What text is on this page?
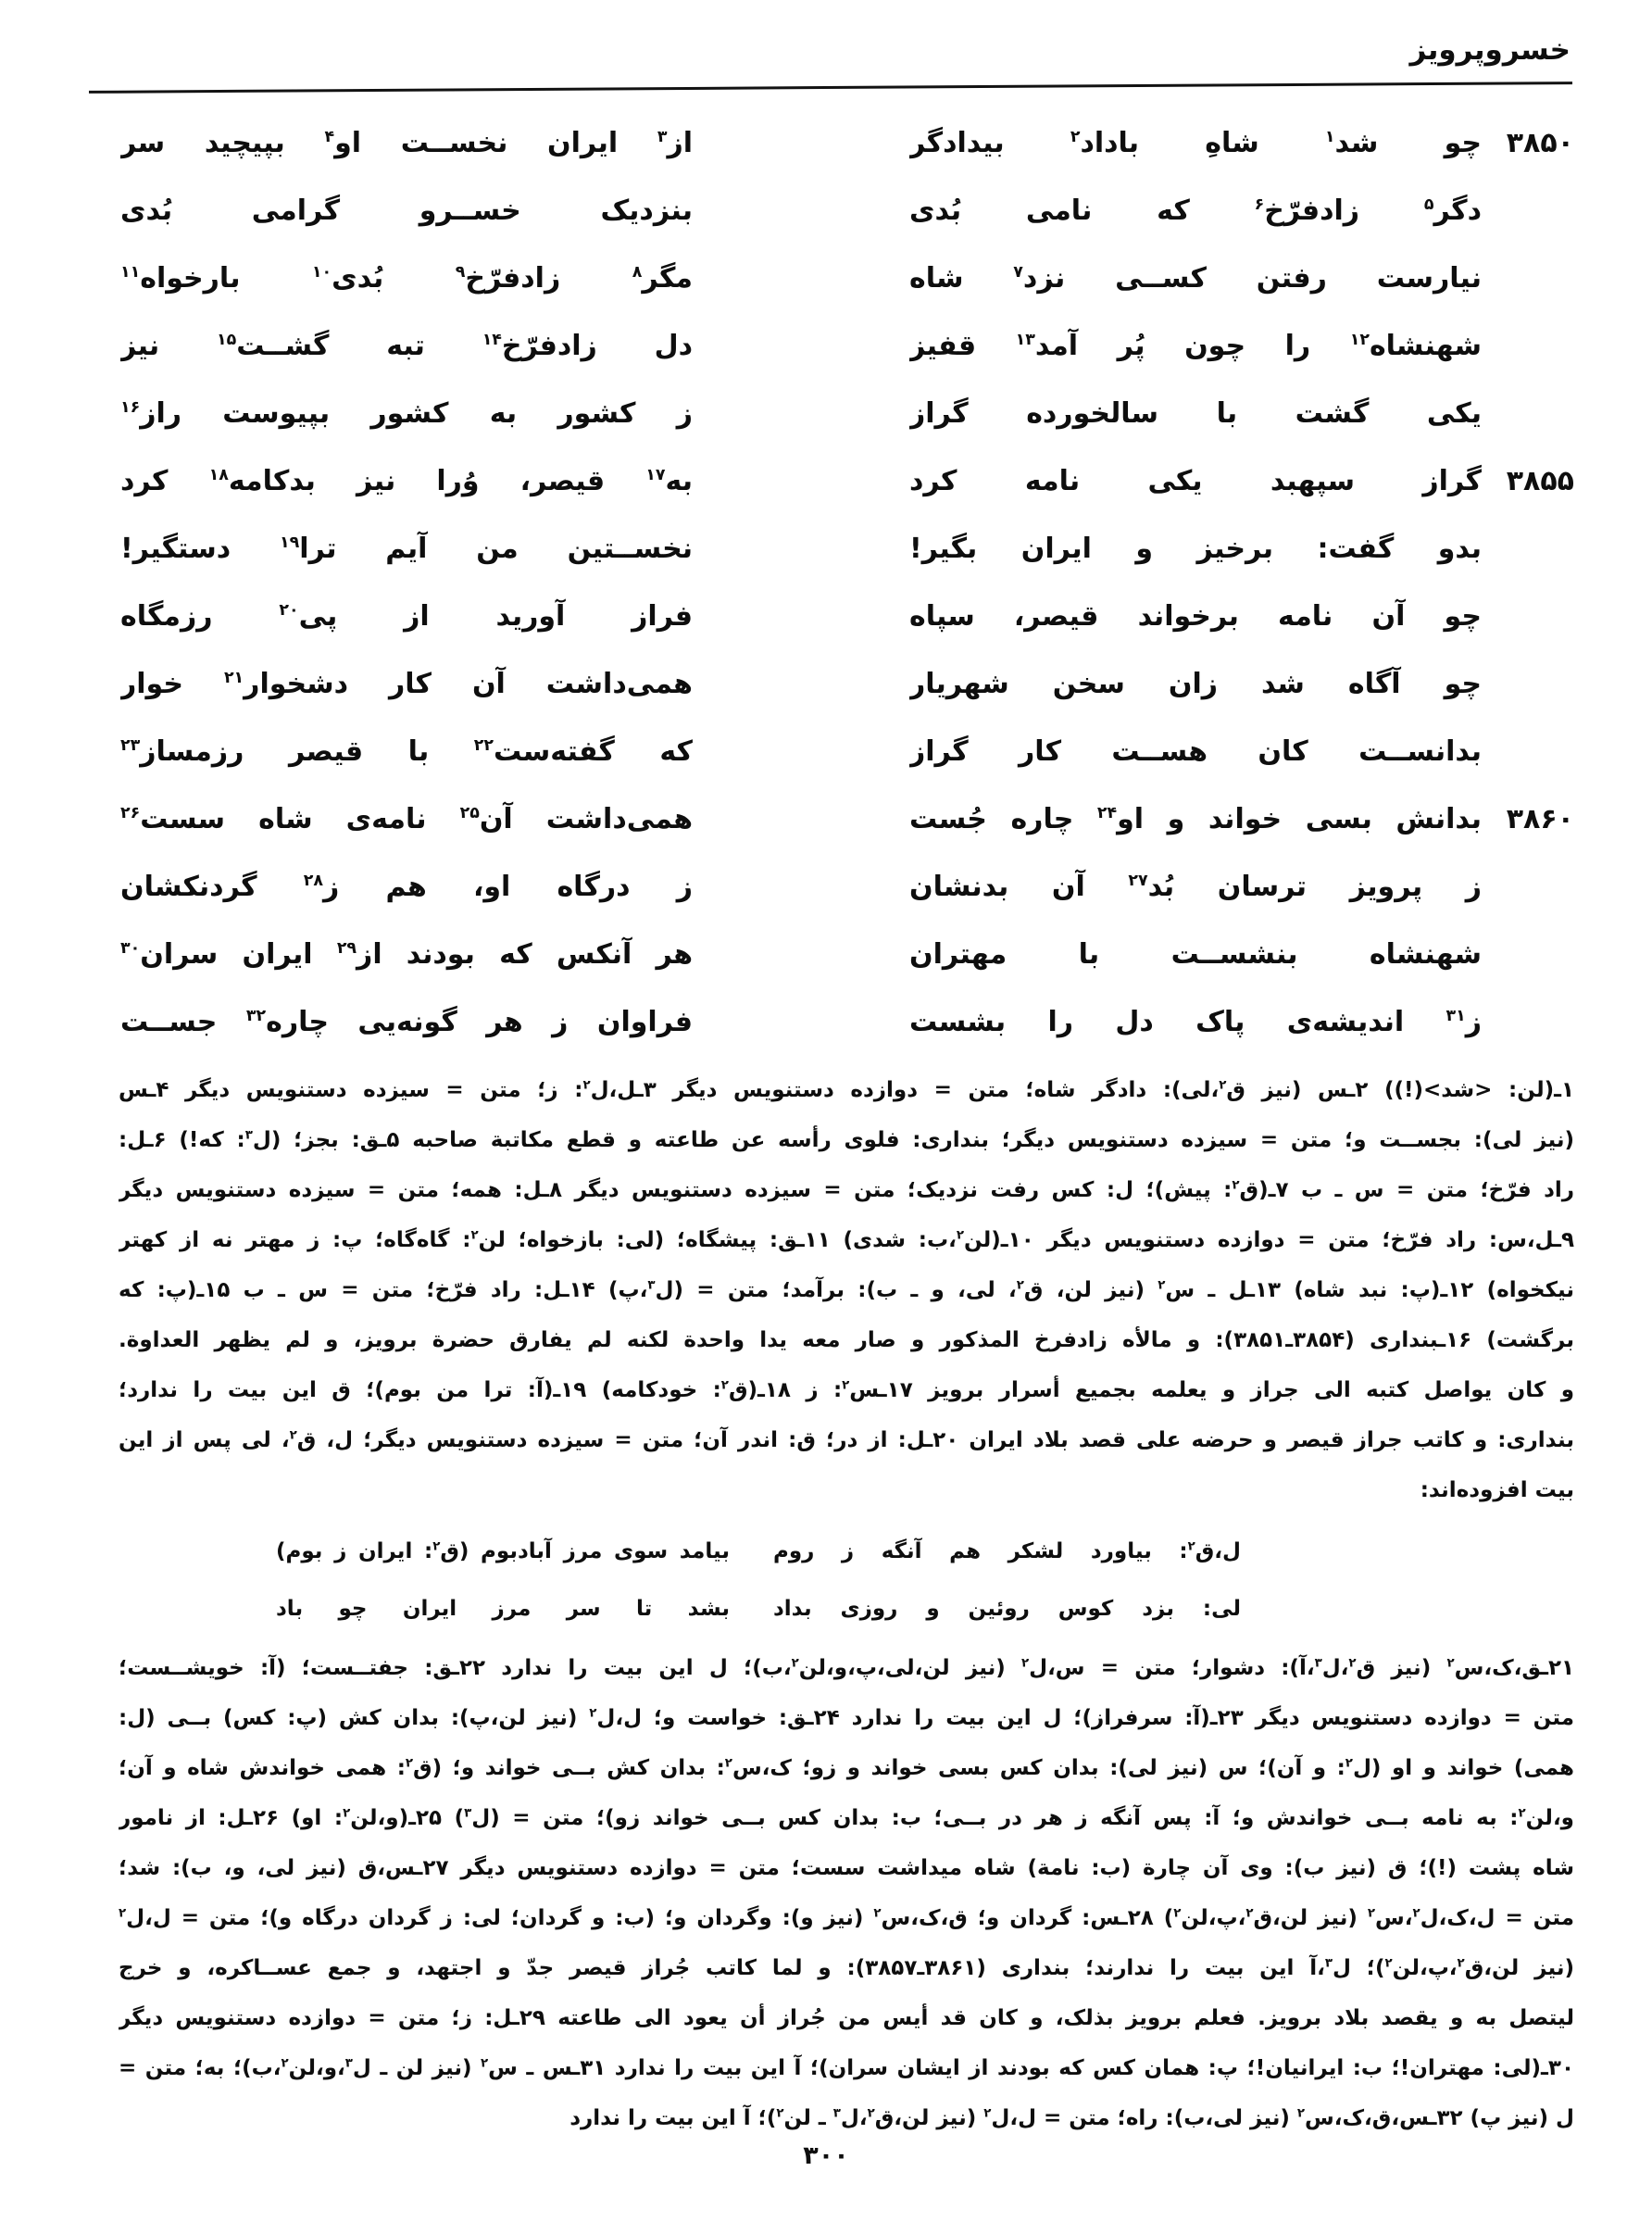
خسروپرویز
۳۸۵۰
چو شد$^۱$ شاهِ باداد$^۲$ بیدادگر
از$^۳$ ایران نخســت او$^۴$ بپیچید سر
دگر$^۵$ زادفرّخ$^۶$ که نامی بُدی
بنزدیک خســرو گرامی بُدی
نیارست رفتن کســی نزد$^۷$ شاه
مگر$^۸$ زادفرّخ$^۹$ بُدی$^{۱۰}$ بارخواه$^{۱۱}$
شهنشاه$^{۱۲}$ را چون پُر آمد$^{۱۳}$ قفیز
دل زادفرّخ$^{۱۴}$ تبه گشــت$^{۱۵}$ نیز
یکی گشت با سالخورده گراز
ز کشور به کشور بپیوست راز$^{۱۶}$
۳۸۵۵
گراز سپهبد یکی نامه کرد
به$^{۱۷}$ قیصر، وُرا نیز بدکامه$^{۱۸}$ کرد
بدو گفت: برخیز و ایران بگیر!
نخســتین من آیم ترا$^{۱۹}$ دستگیر!
چو آن نامه برخواند قیصر، سپاه
فراز آورید از پی$^{۲۰}$ رزمگاه
چو آگاه شد زان سخن شهریار
همی‌داشت آن کار دشخوار$^{۲۱}$ خوار
بدانســت کان هســت کار گراز
که گفته‌ست$^{۲۲}$ با قیصر رزمساز$^{۲۳}$
۳۸۶۰
بدانش بسی خواند و او$^{۲۴}$ چاره جُست
همی‌داشت آن$^{۲۵}$ نامه‌ی شاه سست$^{۲۶}$
ز پرویز ترسان بُد$^{۲۷}$ آن بدنشان
ز درگاه او، هم ز$^{۲۸}$ گردنکشان
شهنشاه بنشســت با مهتران
هر آنکس که بودند از$^{۲۹}$ ایران سران$^{۳۰}$
ز$^{۳۱}$ اندیشه‌ی پاک دل را بشست
فراوان ز هر گونه‌یی چاره$^{۳۲}$ جســت

۱ـ(لن: <شد>(!)) ۲ـس (نیز ق$^۲$،لی): دادگر شاه؛ متن = دوازده دستنویس دیگر ۳ـل،ل$^۲$: ز؛ متن = سیزده دستنویس دیگر ۴ـس

(نیز لی): بجســت و؛ متن = سیزده دستنویس دیگر؛ بنداری: فلوی رأسه عن طاعته و قطع مکاتبة صاحبه ۵ـق: بجز؛ (ل$^۳$: که!) ۶ـل:

راد فرّخ؛ متن = س ـ ب ۷ـ(ق$^۲$: پیش)؛ ل: کس رفت نزدیک؛ متن = سیزده دستنویس دیگر ۸ـل: همه؛ متن = سیزده دستنویس دیگر

۹ـل،س: راد فرّخ؛ متن = دوازده دستنویس دیگر ۱۰ـ(لن$^۲$،ب: شدی) ۱۱ـق: پیشگاه؛ (لی: بازخواه؛ لن$^۲$: گاه‌گاه؛ پ: ز مهتر نه از کهتر

نیکخواه) ۱۲ـ(پ: نبد شاه) ۱۳ـل ـ س$^۲$ (نیز لن، ق$^۲$، لی، و ـ ب): برآمد؛ متن = (ل$^۳$،پ) ۱۴ـل: راد فرّخ؛ متن = س ـ ب ۱۵ـ(پ: که

برگشت) ۱۶ـبنداری (۳۸۵۴ـ۳۸۵۱): و مالأه زادفرخ المذکور و صار معه یدا واحدة لکنه لم یفارق حضرة برویز، و لم یظهر العداوة.

و کان یواصل کتبه الی جراز و یعلمه بجمیع أسرار برویز ۱۷ـس$^۲$: ز ۱۸ـ(ق$^۲$: خودکامه) ۱۹ـ(آ: ترا من بوم)؛ ق این بیت را ندارد؛

بنداری: و کاتب جراز قیصر و حرضه علی قصد بلاد ایران ۲۰ـل: از در؛ ق: اندر آن؛ متن = سیزده دستنویس دیگر؛ ل، ق$^۲$، لی پس از این

بیت افزوده‌اند:

ل،ق$^۲$: بیاورد لشکر هم آنگه ز روم
بیامد سوی مرز آبادبوم (ق$^۲$: ایران ز بوم)
لی: بزد کوس روئین و روزی بداد
بشد تا سر مرز ایران چو باد

۲۱ـق،ک،س$^۲$ (نیز ق$^۲$،ل$^۳$،آ): دشوار؛ متن = س،ل$^۲$ (نیز لن،لی،پ،و،لن$^۲$،ب)؛ ل این بیت را ندارد ۲۲ـق: جفتــست؛ (آ: خویشــست؛

متن = دوازده دستنویس دیگر ۲۳ـ(آ: سرفراز)؛ ل این بیت را ندارد ۲۴ـق: خواست و؛ ل،ل$^۲$ (نیز لن،پ): بدان کش (پ: کس) بــی (ل:

همی) خواند و او (ل$^۲$: و آن)؛ س (نیز لی): بدان کس بسی خواند و زو؛ ک،س$^۲$: بدان کش بــی خواند و؛ (ق$^۲$: همی خواندش شاه و آن؛

و،لن$^۲$: به نامه بــی خواندش و؛ آ: پس آنگه ز هر در بــی؛ ب: بدان کس بــی خواند زو)؛ متن = (ل$^۳$) ۲۵ـ(و،لن$^۲$: او) ۲۶ـل: از نامور

شاه پشت (!)؛ ق (نیز ب): وی آن چارة (ب: نامة) شاه میداشت سست؛ متن = دوازده دستنویس دیگر ۲۷ـس،ق (نیز لی، و، ب): شد؛

متن = ل،ک،ل$^۲$،س$^۲$ (نیز لن،ق$^۲$،پ،لن$^۲$) ۲۸ـس: گردان و؛ ق،ک،س$^۲$ (نیز و): وگردان و؛ (ب: و گردان؛ لی: ز گردان درگاه و)؛ متن = ل،ل$^۲$

(نیز لن،ق$^۲$،پ،لن$^۲$)؛ ل$^۳$،آ این بیت را ندارند؛ بنداری (۳۸۶۱ـ۳۸۵۷): و لما کاتب جُراز قیصر جدّ و اجتهد، و جمع عســاکره، و خرج

لیتصل به و یقصد بلاد برویز. فعلم برویز بذلک، و کان قد أیس من جُراز أن یعود الی طاعته ۲۹ـل: ز؛ متن = دوازده دستنویس دیگر

۳۰ـ(لی: مهتران!؛ ب: ایرانیان!؛ پ: همان کس که بودند از ایشان سران)؛ آ این بیت را ندارد ۳۱ـس ـ س$^۲$ (نیز لن ـ ل$^۳$،و،لن$^۲$،ب)؛ به؛ متن =

ل (نیز پ) ۳۲ـس،ق،ک،س$^۲$ (نیز لی،ب): راه؛ متن = ل،ل$^۲$ (نیز لن،ق$^۲$،ل$^۳$ ـ لن$^۲$)؛ آ این بیت را ندارد

۳۰۰
